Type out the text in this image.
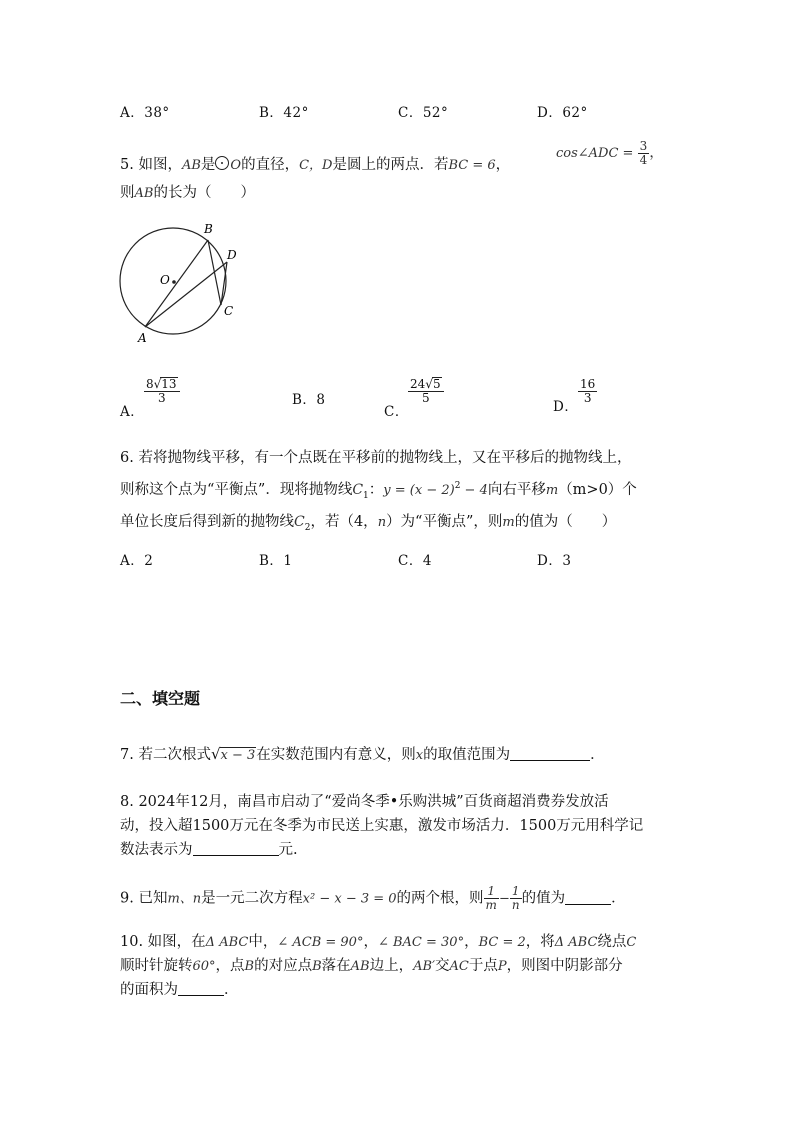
A．38°	B．42°	C．52°	D．62°
5. 如图，AB是 O的直径，C，D是圆上的两点．若BC = 6，
cos∠ADC = $\frac{3}{4}$ ，
则AB的长为（　　）
B
D
O
C
A
A．
$\frac{8√13}{3}$	B．8
C．
$\frac{24√5}{5}$
D．
$\frac{16}{3}$
6. 若将抛物线平移，有一个点既在平移前的抛物线上，又在平移后的抛物线上，
则称这个点为“平衡点”．现将抛物线$C_1$：$y = (x - 2)^2 - 4$向右平移m（m>0）个
单位长度后得到新的抛物线$C_2$，若（4，n）为“平衡点”，则m的值为（　　）
A．2	B．1	C．4	D．3
二、填空题
7. 若二次根式√x − 3在实数范围内有意义，则x的取值范围为	．
8. 2024年12月，南昌市启动了“爱尚冬季•乐购洪城”百货商超消费券发放活
动，投入超1500万元在冬季为市民送上实惠，激发市场活力．1500万元用科学记
数法表示为	元.
9. 已知m、n是一元二次方程x² − x − 3 = 0的两个根，则 $\frac{1}{m} - \frac{1}{n}$ 的值为	．
10. 如图，在Δ ABC中，∠ ACB = 90°，∠ BAC = 30°，BC = 2，将Δ ABC绕点C
顺时针旋转60°，点B的对应点B落在AB边上，AB′交AC于点P，则图中阴影部分
的面积为	．
